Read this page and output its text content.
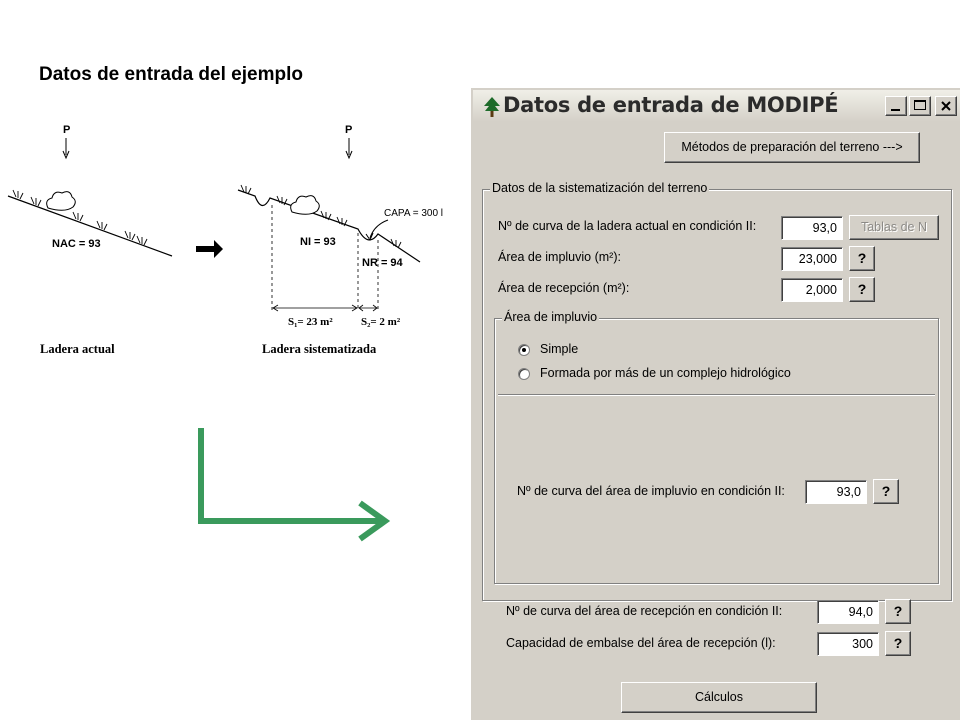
Datos de entrada del ejemplo
P
NAC = 93
Ladera actual
P
CAPA = 300 l
NI = 93
NR = 94
S₁= 23 m²	S₂= 2 m²
Ladera sistematizada
Datos de entrada de MODIPÉ
Métodos de preparación del terreno --->
Datos de la sistematización del terreno
Nº de curva de la ladera actual en condición II:	93,0	Tablas de N
Área de impluvio (m²):	23,000	?
Área de recepción (m²):	2,000	?
Área de impluvio
Simple
Formada por más de un complejo hidrológico
Nº de curva del área de impluvio en condición II:	93,0	?
Nº de curva del área de recepción en condición II:	94,0	?
Capacidad de embalse del área de recepción (l):	300	?
Cálculos
